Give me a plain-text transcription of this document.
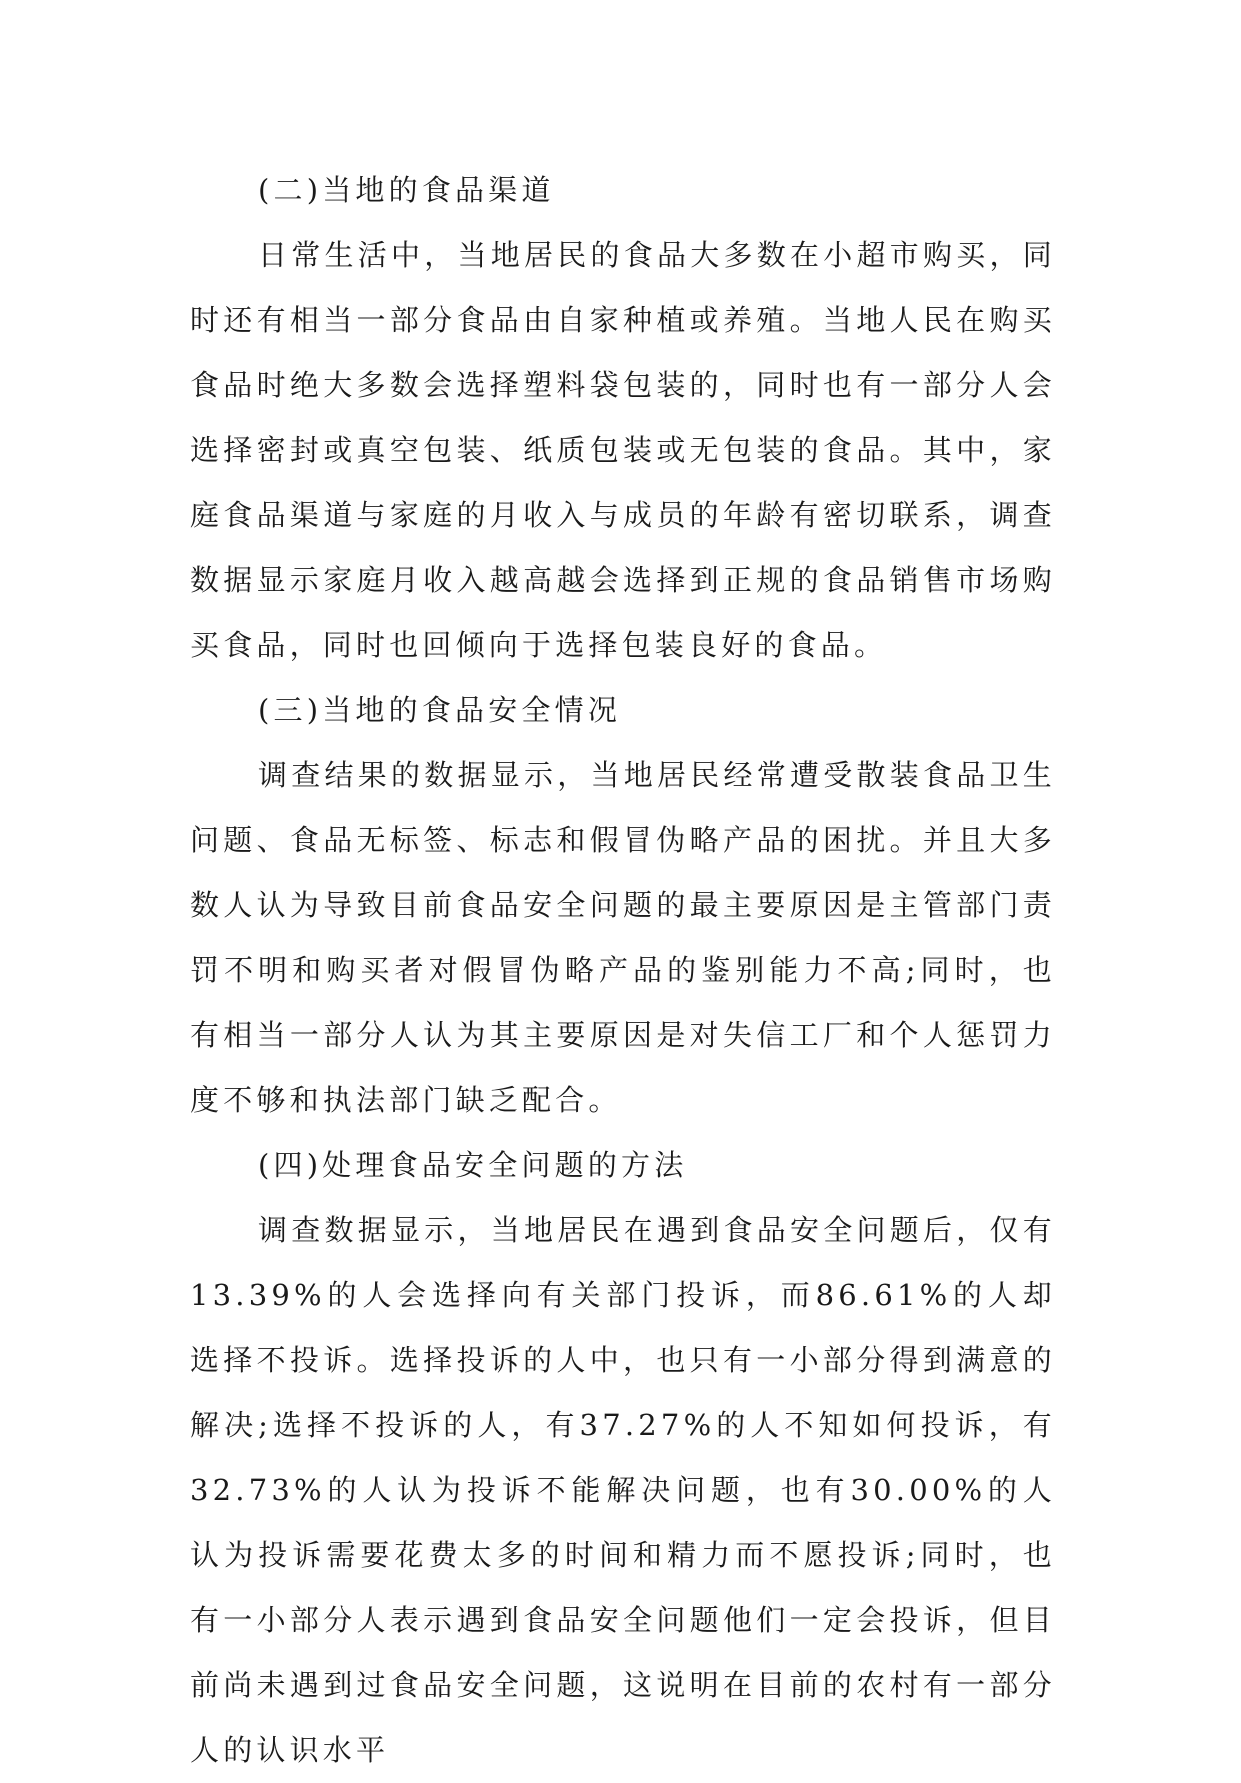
(二)当地的食品渠道

日常生活中，当地居民的食品大多数在小超市购买，同时还有相当一部分食品由自家种植或养殖。当地人民在购买食品时绝大多数会选择塑料袋包装的，同时也有一部分人会选择密封或真空包装、纸质包装或无包装的食品。其中，家庭食品渠道与家庭的月收入与成员的年龄有密切联系，调查数据显示家庭月收入越高越会选择到正规的食品销售市场购买食品，同时也回倾向于选择包装良好的食品。

(三)当地的食品安全情况

调查结果的数据显示，当地居民经常遭受散装食品卫生问题、食品无标签、标志和假冒伪略产品的困扰。并且大多数人认为导致目前食品安全问题的最主要原因是主管部门责罚不明和购买者对假冒伪略产品的鉴别能力不高;同时，也有相当一部分人认为其主要原因是对失信工厂和个人惩罚力度不够和执法部门缺乏配合。

(四)处理食品安全问题的方法

调查数据显示，当地居民在遇到食品安全问题后，仅有13.39%的人会选择向有关部门投诉，而86.61%的人却选择不投诉。选择投诉的人中，也只有一小部分得到满意的解决;选择不投诉的人，有37.27%的人不知如何投诉，有32.73%的人认为投诉不能解决问题，也有30.00%的人认为投诉需要花费太多的时间和精力而不愿投诉;同时，也有一小部分人表示遇到食品安全问题他们一定会投诉，但目前尚未遇到过食品安全问题，这说明在目前的农村有一部分人的认识水平
